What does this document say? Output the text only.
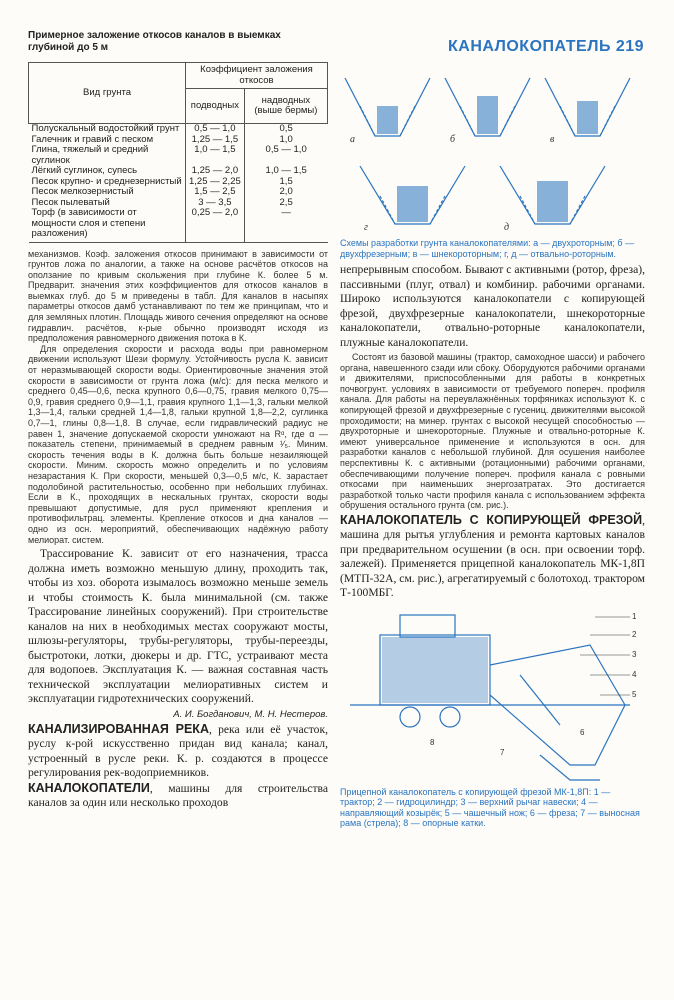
КАНАЛОКОПАТЕЛЬ 219
Примерное заложение откосов каналов в выемках глубиной до 5 м
Вид грунта	Коэффициент заложения откосов	
	подводных	надводных (выше бермы)
Полускальный водостойкий грунт	0,5 — 1,0	0,5
Галечник и гравий с песком	1,25 — 1,5	1,0
Глина, тяжелый и средний суглинок	1,0 — 1,5	0,5 — 1,0
Лёгкий суглинок, супесь	1,25 — 2,0	1,0 — 1,5
Песок крупно- и среднезернистый	1,25 — 2,25	1,5
Песок мелкозернистый	1,5 — 2,5	2,0
Песок пылеватый	3 — 3,5	2,5
Торф (в зависимости от мощности слоя и степени разложения)	0,25 — 2,0	—

механизмов. Коэф. заложения откосов принимают в зависимости от грунтов ложа по аналогии, а также на основе расчётов откосов на оползание по кривым скольжения при глубине К. более 5 м. Предварит. значения этих коэффициентов для откосов каналов в выемках глуб. до 5 м приведены в табл. Для каналов в насыпях параметры откосов дамб устанавливают по тем же принципам, что и для земляных плотин. Площадь живого сечения определяют на основе гидравлич. расчётов, к-рые обычно производят исходя из предположения равномерного движения потока в К.

Для определения скорости и расхода воды при равномерном движении используют Шези формулу. Устойчивость русла К. зависит от неразмывающей скорости воды. Ориентировочные значения этой скорости в зависимости от грунта ложа (м/с): для песка мелкого и среднего 0,45—0,6, песка крупного 0,6—0,75, гравия мелкого 0,75—0,9, гравия среднего 0,9—1,1, гравия крупного 1,1—1,3, гальки мелкой 1,3—1,4, гальки средней 1,4—1,8, гальки крупной 1,8—2,2, суглинка 0,7—1, глины 0,8—1,8. В случае, если гидравлический радиус не равен 1, значение допускаемой скорости умножают на Rᵅ, где α — показатель степени, принимаемый в среднем равным ¹⁄₅. Миним. скорость течения воды в К. должна быть больше незаиляющей скорости. Миним. скорость можно определить и по условиям незарастания К. При скорости, меньшей 0,3—0,5 м/с, К. зарастает подолобиной растительностью, особенно при небольших глубинах. Если в К., проходящих в нескальных грунтах, скорости воды превышают допустимые, для русл применяют крепления и противофильтрац. элементы. Крепление откосов и дна каналов — одно из осн. мероприятий, обеспечивающих надёжную работу мелиорат. систем.

Трассирование К. зависит от его назначения, трасса должна иметь возможно меньшую длину, проходить так, чтобы из хоз. оборота изымалось возможно меньше земель и чтобы стоимость К. была минимальной (см. также Трассирование линейных сооружений). При строительстве каналов на них в необходимых местах сооружают мосты, шлюзы-регуляторы, трубы-регуляторы, трубы-переезды, быстротоки, лотки, дюкеры и др. ГТС, устраивают места для водопоев. Эксплуатация К. — важная составная часть технической эксплуатации мелиоративных систем и эксплуатации гидротехнических сооружений.

А. И. Богданович, М. Н. Нестеров.

КАНАЛИЗИРОВАННАЯ РЕКА, река или её участок, руслу к-рой искусственно придан вид канала; канал, устроенный в русле реки. К. р. создаются в процессе регулирования рек-водоприемников.

КАНАЛОКОПАТЕЛИ, машины для строительства каналов за один или несколько проходов

а	б	в
г	д
Схемы разработки грунта каналокопателями: а — двухроторным; б — двухфрезерным; в — шнекороторным; г, д — отвально-роторным.

непрерывным способом. Бывают с активными (ротор, фреза), пассивными (плуг, отвал) и комбинир. рабочими органами. Широко используются каналокопатели с копирующей фрезой, двухфрезерные каналокопатели, шнекороторные каналокопатели, отвально-роторные каналокопатели, плужные каналокопатели.

Состоят из базовой машины (трактор, самоходное шасси) и рабочего органа, навешенного сзади или сбоку. Оборудуются рабочими органами и движителями, приспособленными для работы в конкретных почвогрунт. условиях в зависимости от требуемого попереч. профиля канала. Для работы на переувлажнённых торфяниках используют К. с копирующей фрезой и двухфрезерные с гусениц. движителями высокой проходимости; на минер. грунтах с высокой несущей способностью — двухроторные и шнекороторные. Плужные и отвально-роторные К. имеют универсальное применение и используются в осн. для разработки каналов с небольшой глубиной. Для осушения наиболее перспективны К. с активными (ротационными) рабочими органами, обеспечивающими получение попереч. профиля канала с ровными откосами при наименьших энергозатратах. Это достигается разработкой только части профиля канала с использованием эффекта обрушения остального грунта (см. рис.).

КАНАЛОКОПАТЕЛЬ С КОПИРУЮЩЕЙ ФРЕЗОЙ, машина для рытья углубления и ремонта картовых каналов при предварительном осушении (в осн. при освоении торф. залежей). Применяется прицепной каналокопатель МК-1,8П (МТП-32А, см. рис.), агрегатируемый с болотоход. трактором Т-100МБГ.

1
2
3
4
5
6
7
8
Прицепной каналокопатель с копирующей фрезой МК-1,8П: 1 — трактор; 2 — гидроцилиндр; 3 — верхний рычаг навески; 4 — направляющий козырёк; 5 — чашечный нож; 6 — фреза; 7 — выносная рама (стрела); 8 — опорные катки.
